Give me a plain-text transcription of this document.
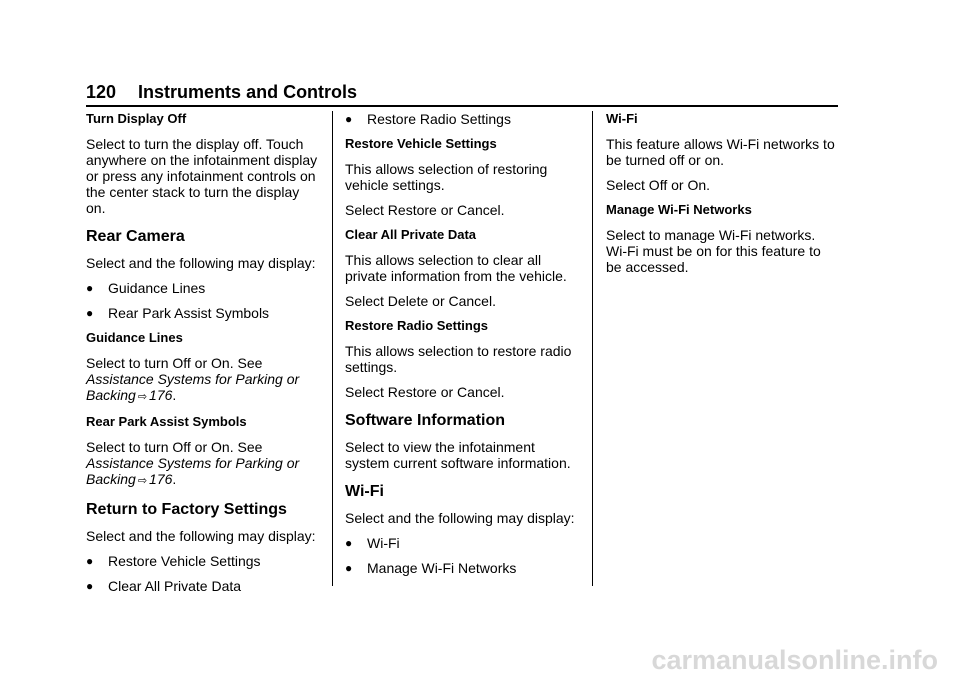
120 Instruments and Controls

Turn Display Off

Select to turn the display off. Touch anywhere on the infotainment display or press any infotainment controls on the center stack to turn the display on.

Rear Camera

Select and the following may display:

●	Guidance Lines
●	Rear Park Assist Symbols

Guidance Lines

Select to turn Off or On. See
Assistance Systems for Parking or Backing ⇨ 176.

Rear Park Assist Symbols

Select to turn Off or On. See
Assistance Systems for Parking or Backing ⇨ 176.

Return to Factory Settings

Select and the following may display:

●	Restore Vehicle Settings
●	Clear All Private Data
●	Restore Radio Settings

Restore Vehicle Settings

This allows selection of restoring vehicle settings.

Select Restore or Cancel.

Clear All Private Data

This allows selection to clear all private information from the vehicle.

Select Delete or Cancel.

Restore Radio Settings

This allows selection to restore radio settings.

Select Restore or Cancel.

Software Information

Select to view the infotainment system current software information.

Wi-Fi

Select and the following may display:

●	Wi-Fi
●	Manage Wi-Fi Networks

Wi-Fi

This feature allows Wi-Fi networks to be turned off or on.

Select Off or On.

Manage Wi-Fi Networks

Select to manage Wi-Fi networks. Wi-Fi must be on for this feature to be accessed.

carmanualsonline.info
